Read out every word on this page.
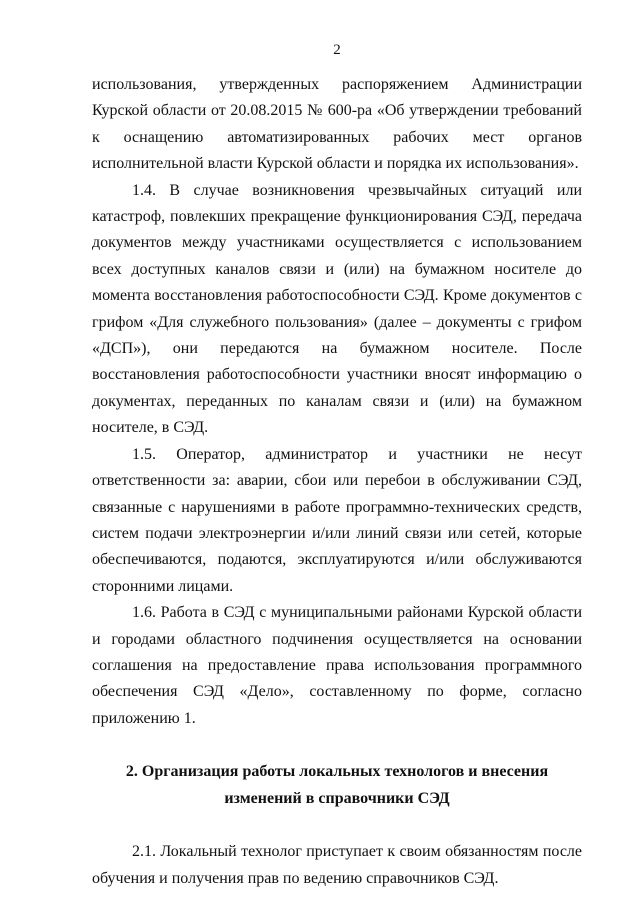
2

использования, утвержденных распоряжением Администрации Курской области от 20.08.2015 № 600-ра «Об утверждении требований к оснащению автоматизированных рабочих мест органов исполнительной власти Курской области и порядка их использования».

1.4. В случае возникновения чрезвычайных ситуаций или катастроф, повлекших прекращение функционирования СЭД, передача документов между участниками осуществляется с использованием всех доступных каналов связи и (или) на бумажном носителе до момента восстановления работоспособности СЭД. Кроме документов с грифом «Для служебного пользования» (далее – документы с грифом «ДСП»), они передаются на бумажном носителе. После восстановления работоспособности участники вносят информацию о документах, переданных по каналам связи и (или) на бумажном носителе, в СЭД.

1.5. Оператор, администратор и участники не несут ответственности за: аварии, сбои или перебои в обслуживании СЭД, связанные с нарушениями в работе программно-технических средств, систем подачи электроэнергии и/или линий связи или сетей, которые обеспечиваются, подаются, эксплуатируются и/или обслуживаются сторонними лицами.

1.6. Работа в СЭД с муниципальными районами Курской области и городами областного подчинения осуществляется на основании соглашения на предоставление права использования программного обеспечения СЭД «Дело», составленному по форме, согласно приложению 1.

2. Организация работы локальных технологов и внесения изменений в справочники СЭД

2.1. Локальный технолог приступает к своим обязанностям после обучения и получения прав по ведению справочников СЭД.
